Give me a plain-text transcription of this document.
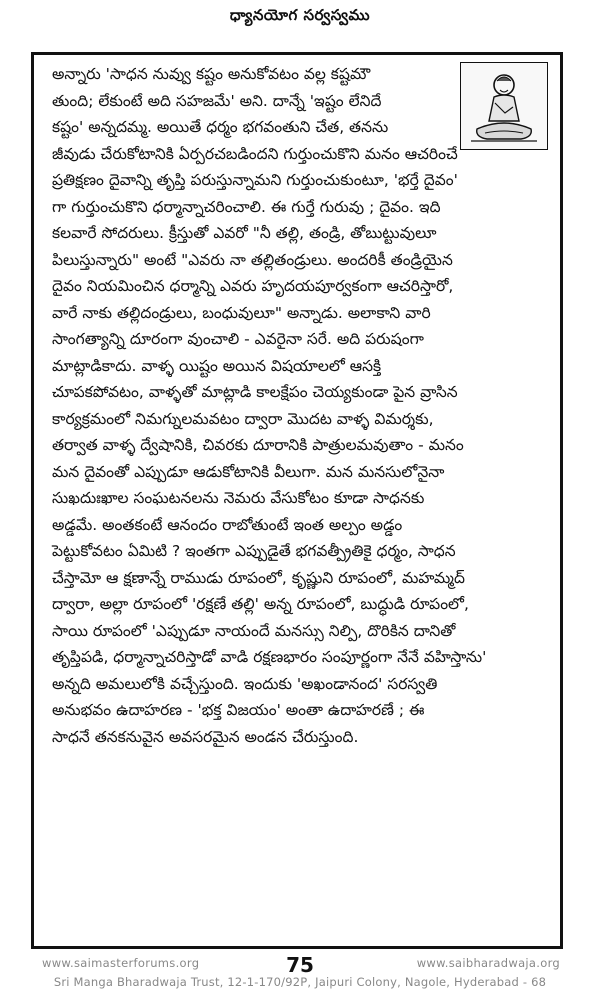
ధ్యానయోగ సర్వస్వము
అన్నారు 'సాధన నువ్వు కష్టం అనుకోవటం వల్ల కష్టమౌ
తుంది; లేకుంటే అది సహజమే' అని. దాన్నే 'ఇష్టం లేనిదే
కష్టం' అన్నదమ్మ. అయితే ధర్మం భగవంతుని చేత, తనను
జీవుడు చేరుకోటానికి ఏర్పరచబడిందని గుర్తుంచుకొని మనం ఆచరించే
ప్రతిక్షణం దైవాన్ని తృప్తి పరుస్తున్నామని గుర్తుంచుకుంటూ, 'భర్తే దైవం'
గా గుర్తుంచుకొని ధర్మాన్నాచరించాలి. ఈ గుర్తే గురువు ; దైవం. ఇది
కలవారే సోదరులు. క్రీస్తుతో ఎవరో "నీ తల్లి, తండ్రి, తోబుట్టువులూ
పిలుస్తున్నారు" అంటే "ఎవరు నా తల్లితండ్రులు. అందరికీ తండ్రియైన
దైవం నియమించిన ధర్మాన్ని ఎవరు హృదయపూర్వకంగా ఆచరిస్తారో,
వారే నాకు తల్లిదండ్రులు, బంధువులూ" అన్నాడు. అలాకాని వారి
సాంగత్యాన్ని దూరంగా వుంచాలి - ఎవరైనా సరే. అది పరుషంగా
మాట్లాడికాదు. వాళ్ళ యిష్టం అయిన విషయాలలో ఆసక్తి
చూపకపోవటం, వాళ్ళతో మాట్లాడి కాలక్షేపం చెయ్యకుండా పైన వ్రాసిన
కార్యక్రమంలో నిమగ్నులమవటం ద్వారా మొదట వాళ్ళ విమర్శకు,
తర్వాత వాళ్ళ ద్వేషానికి, చివరకు దూరానికి పాత్రులమవుతాం - మనం
మన దైవంతో ఎప్పుడూ ఆడుకోటానికి వీలుగా. మన మనసులోనైనా
సుఖదుఃఖాల సంఘటనలను నెమరు వేసుకోటం కూడా సాధనకు
అడ్డమే. అంతకంటే ఆనందం రాబోతుంటే ఇంత అల్పం అడ్డం
పెట్టుకోవటం ఏమిటి ? ఇంతగా ఎప్పుడైతే భగవత్ప్రీతికై ధర్మం, సాధన
చేస్తామో ఆ క్షణాన్నే రాముడు రూపంలో, కృష్ణుని రూపంలో, మహమ్మద్
ద్వారా, అల్లా రూపంలో 'రక్షణే తల్లి' అన్న రూపంలో, బుద్ధుడి రూపంలో,
సాయి రూపంలో 'ఎప్పుడూ నాయందే మనస్సు నిల్పి, దొరికిన దానితో
తృప్తిపడి, ధర్మాన్నాచరిస్తాడో వాడి రక్షణభారం సంపూర్ణంగా నేనే వహిస్తాను'
అన్నది అమలులోకి వచ్చేస్తుంది. ఇందుకు 'అఖండానంద' సరస్వతి
అనుభవం ఉదాహరణ - 'భక్త విజయం' అంతా ఉదాహరణే ; ఈ
సాధనే తనకనువైన అవసరమైన అండన చేరుస్తుంది.
www.saimasterforums.org	75	www.saibharadwaja.org
Sri Manga Bharadwaja Trust, 12-1-170/92P, Jaipuri Colony, Nagole, Hyderabad - 68
